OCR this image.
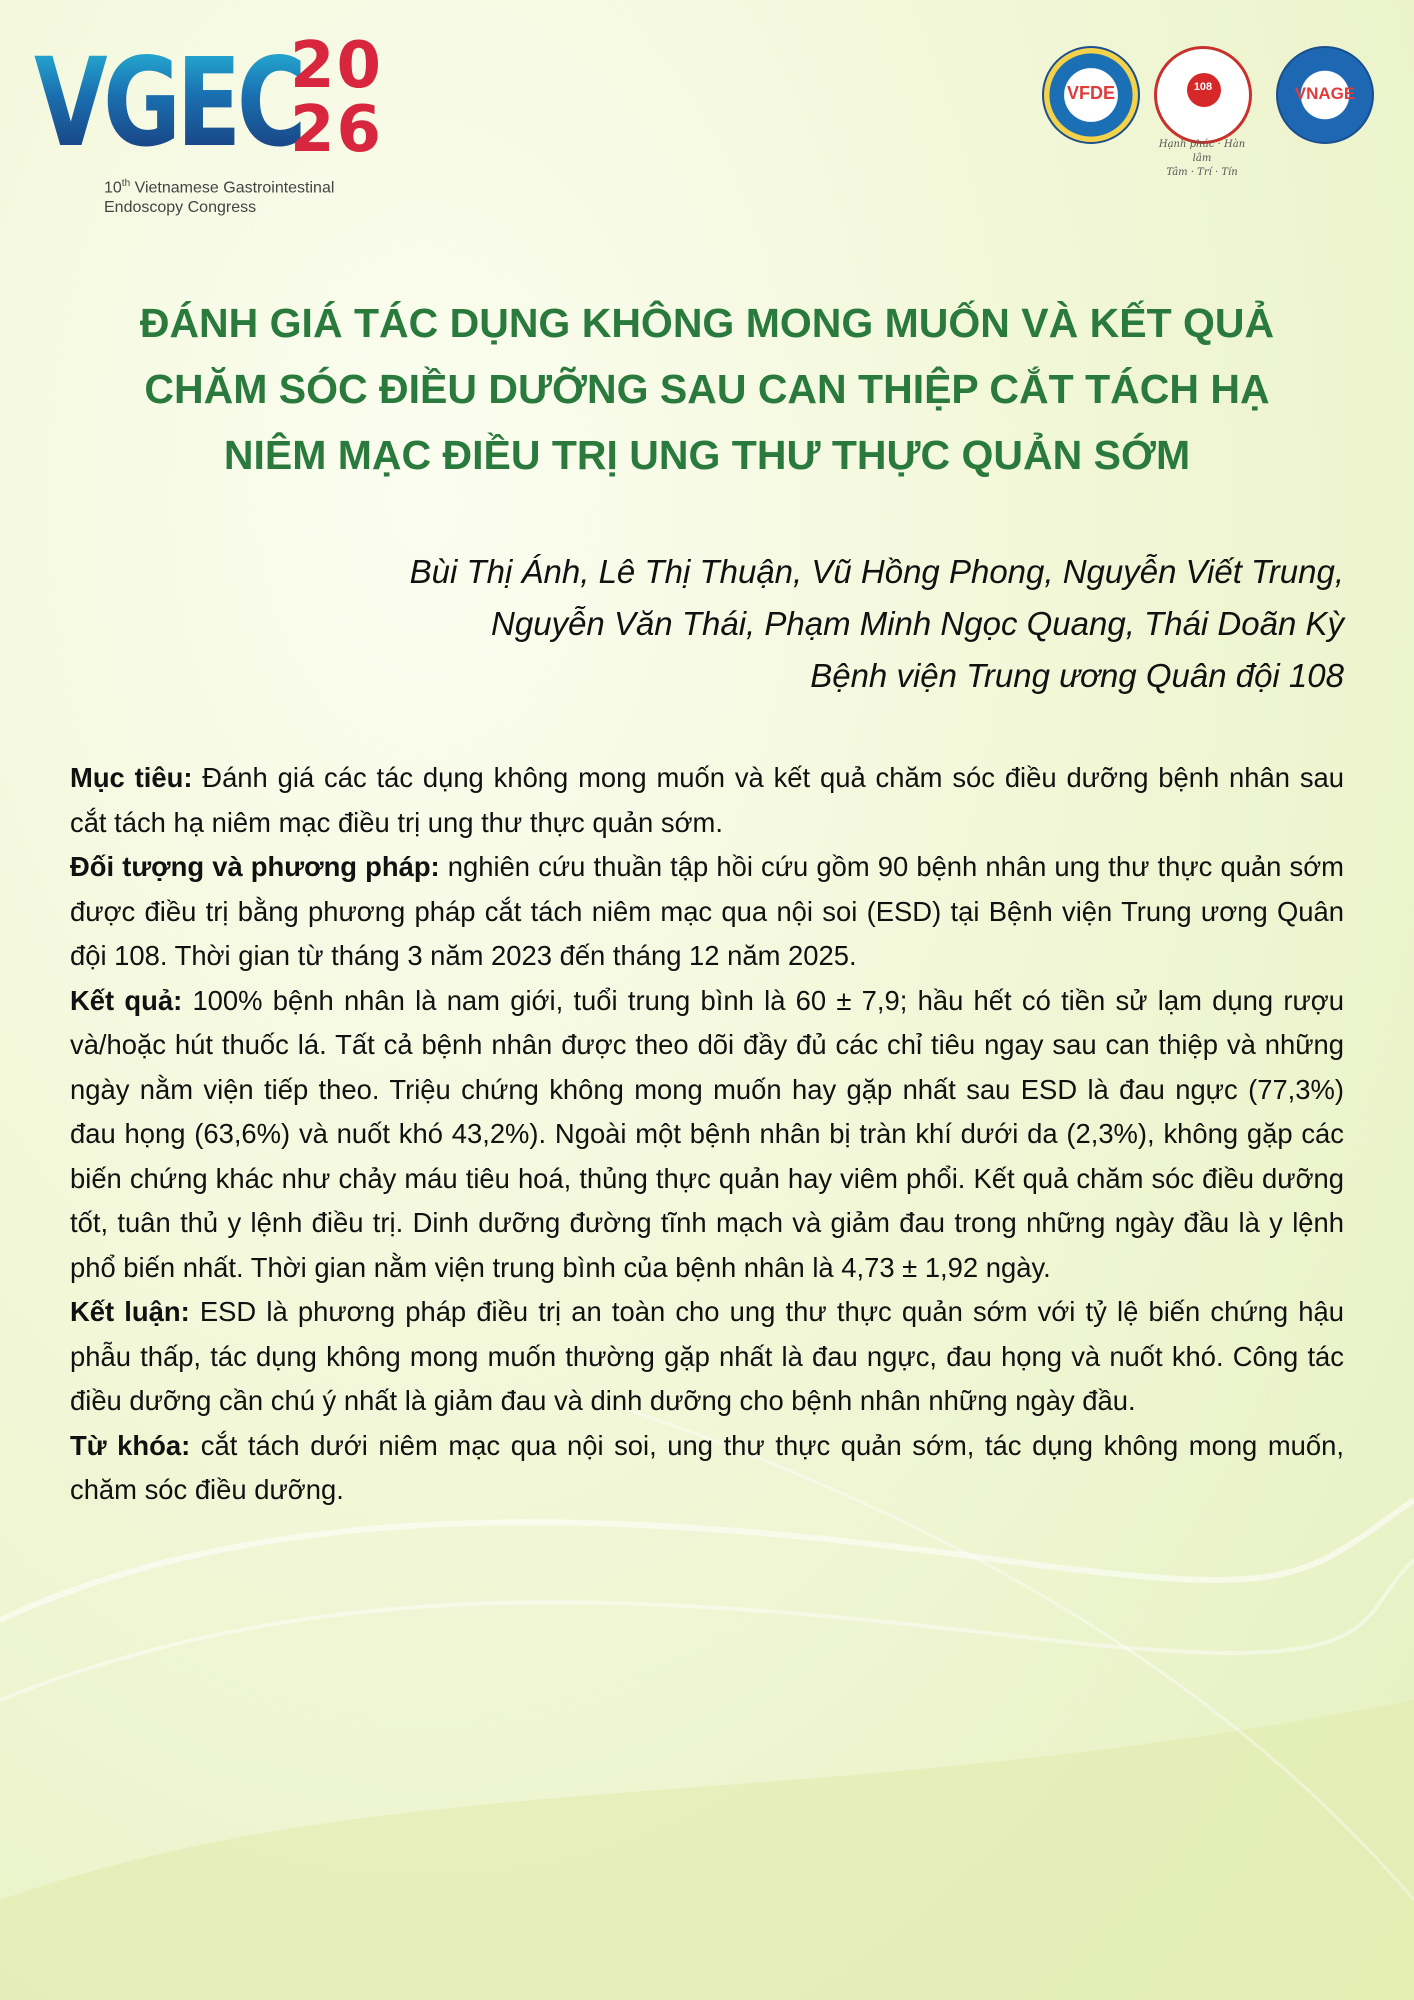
VGEC
20
26
10th Vietnamese Gastrointestinal
Endoscopy Congress
VFDE	108
Hạnh phúc · Hàn lâm
Tâm · Trí · Tín
VNAGE
ĐÁNH GIÁ TÁC DỤNG KHÔNG MONG MUỐN VÀ KẾT QUẢ
CHĂM SÓC ĐIỀU DƯỠNG SAU CAN THIỆP CẮT TÁCH HẠ
NIÊM MẠC ĐIỀU TRỊ UNG THƯ THỰC QUẢN SỚM
Bùi Thị Ánh, Lê Thị Thuận, Vũ Hồng Phong, Nguyễn Viết Trung,
Nguyễn Văn Thái, Phạm Minh Ngọc Quang, Thái Doãn Kỳ
Bệnh viện Trung ương Quân đội 108

Mục tiêu: Đánh giá các tác dụng không mong muốn và kết quả chăm sóc điều dưỡng bệnh nhân sau cắt tách hạ niêm mạc điều trị ung thư thực quản sớm.

Đối tượng và phương pháp: nghiên cứu thuần tập hồi cứu gồm 90 bệnh nhân ung thư thực quản sớm được điều trị bằng phương pháp cắt tách niêm mạc qua nội soi (ESD) tại Bệnh viện Trung ương Quân đội 108. Thời gian từ tháng 3 năm 2023 đến tháng 12 năm 2025.

Kết quả: 100% bệnh nhân là nam giới, tuổi trung bình là 60 ± 7,9; hầu hết có tiền sử lạm dụng rượu và/hoặc hút thuốc lá. Tất cả bệnh nhân được theo dõi đầy đủ các chỉ tiêu ngay sau can thiệp và những ngày nằm viện tiếp theo. Triệu chứng không mong muốn hay gặp nhất sau ESD là đau ngực (77,3%) đau họng (63,6%) và nuốt khó 43,2%). Ngoài một bệnh nhân bị tràn khí dưới da (2,3%), không gặp các biến chứng khác như chảy máu tiêu hoá, thủng thực quản hay viêm phổi. Kết quả chăm sóc điều dưỡng tốt, tuân thủ y lệnh điều trị. Dinh dưỡng đường tĩnh mạch và giảm đau trong những ngày đầu là y lệnh phổ biến nhất. Thời gian nằm viện trung bình của bệnh nhân là 4,73 ± 1,92 ngày.

Kết luận: ESD là phương pháp điều trị an toàn cho ung thư thực quản sớm với tỷ lệ biến chứng hậu phẫu thấp, tác dụng không mong muốn thường gặp nhất là đau ngực, đau họng và nuốt khó. Công tác điều dưỡng cần chú ý nhất là giảm đau và dinh dưỡng cho bệnh nhân những ngày đầu.

Từ khóa: cắt tách dưới niêm mạc qua nội soi, ung thư thực quản sớm, tác dụng không mong muốn, chăm sóc điều dưỡng.
